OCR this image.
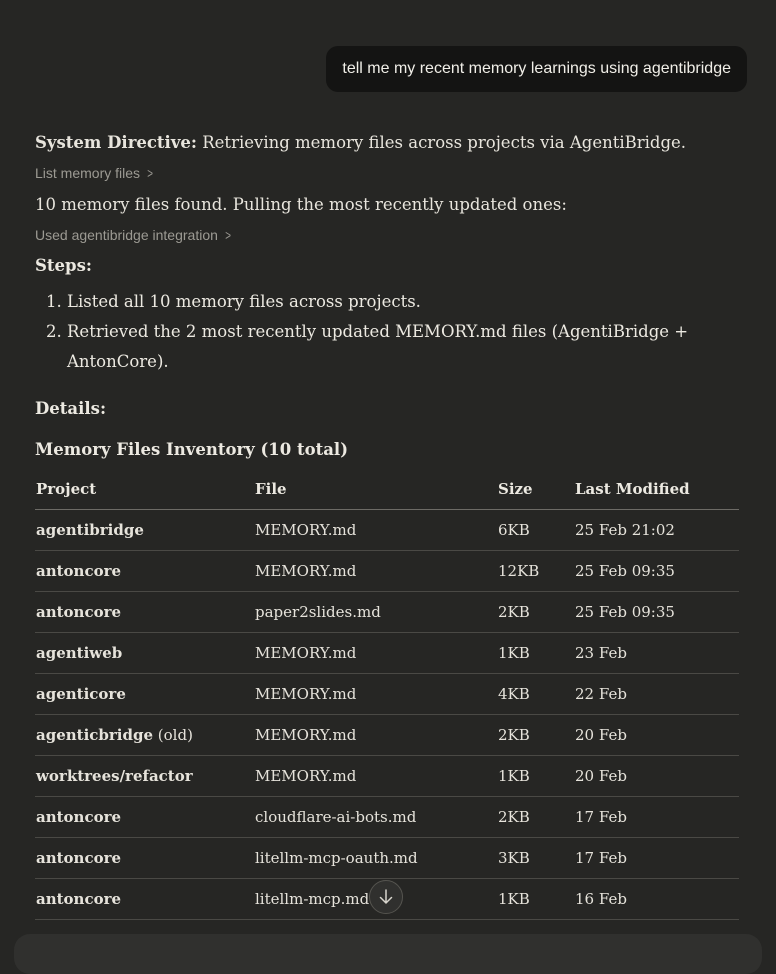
tell me my recent memory learnings using agentibridge
System Directive: Retrieving memory files across projects via AgentiBridge.
List memory files >
10 memory files found. Pulling the most recently updated ones:
Used agentibridge integration >
Steps:
1. Listed all 10 memory files across projects.
2. Retrieved the 2 most recently updated MEMORY.md files (AgentiBridge + AntonCore).
Details:
Memory Files Inventory (10 total)
Project	File	Size	Last Modified
agentibridge	MEMORY.md	6KB	25 Feb 21:02
antoncore	MEMORY.md	12KB	25 Feb 09:35
antoncore	paper2slides.md	2KB	25 Feb 09:35
agentiweb	MEMORY.md	1KB	23 Feb
agenticore	MEMORY.md	4KB	22 Feb
agenticbridge (old)	MEMORY.md	2KB	20 Feb
worktrees/refactor	MEMORY.md	1KB	20 Feb
antoncore	cloudflare-ai-bots.md	2KB	17 Feb
antoncore	litellm-mcp-oauth.md	3KB	17 Feb
antoncore	litellm-mcp.md	1KB	16 Feb
